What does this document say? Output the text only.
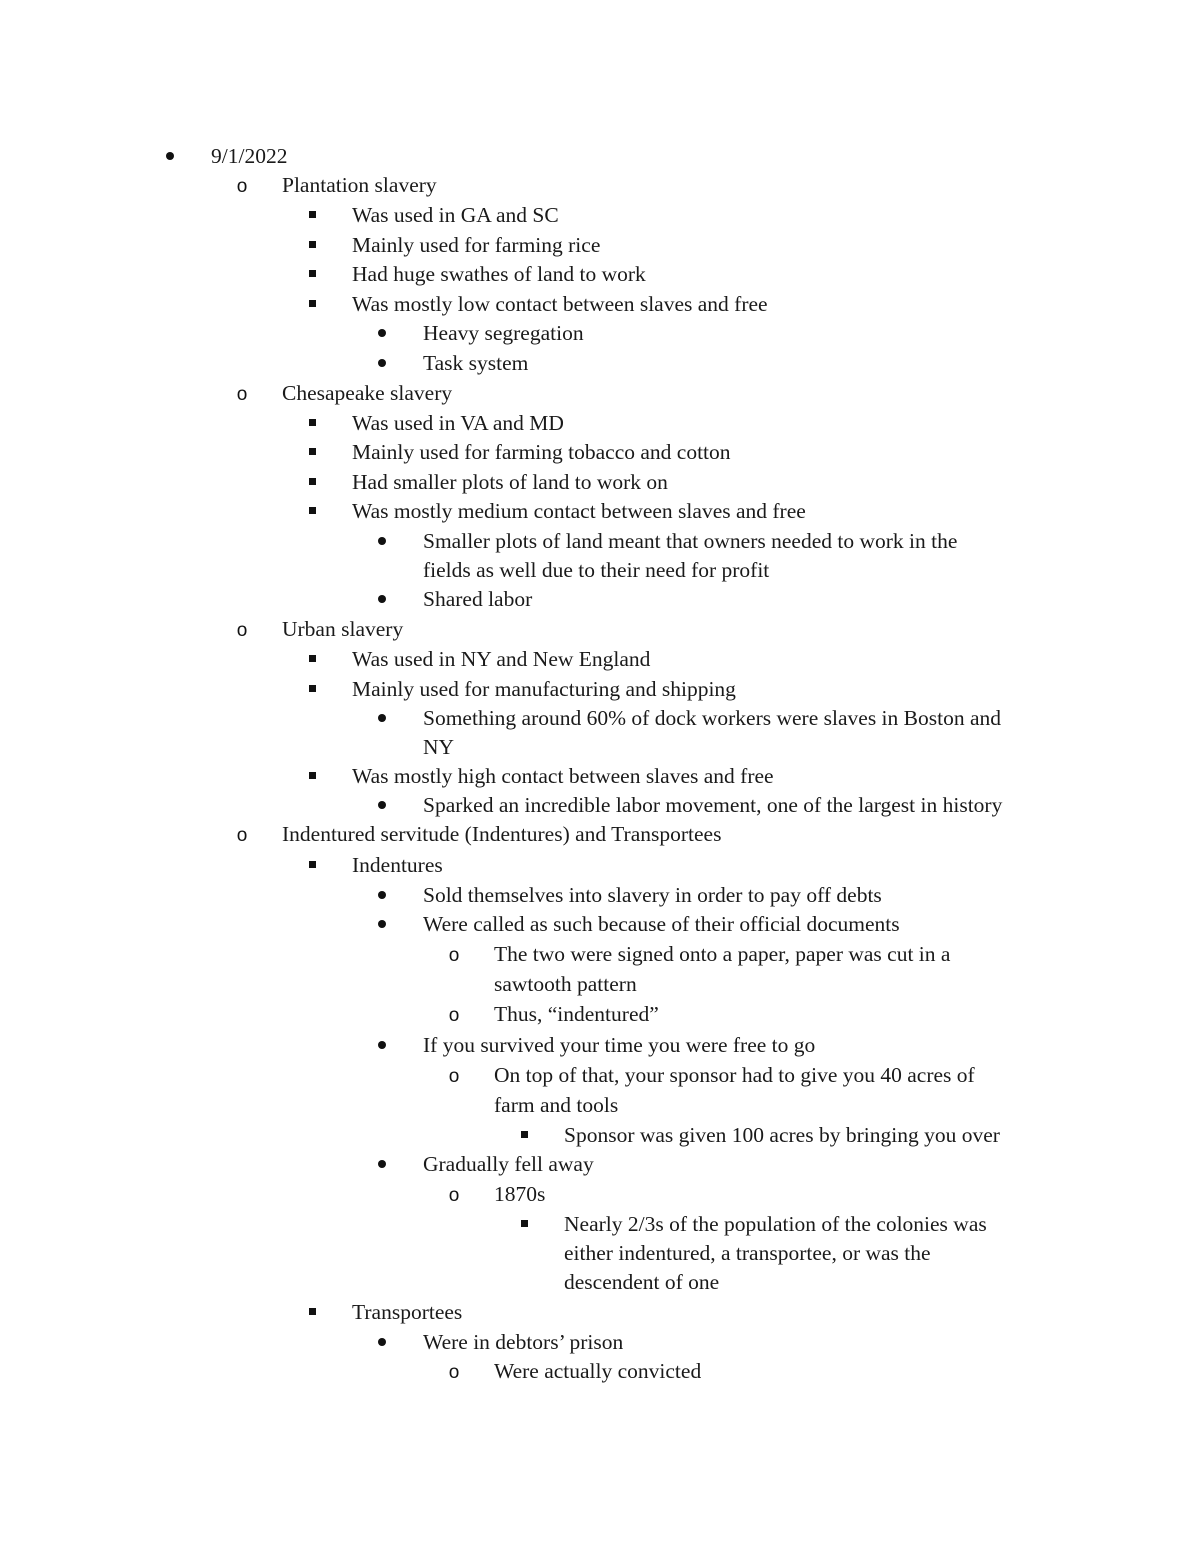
9/1/2022
o
Plantation slavery
Was used in GA and SC
Mainly used for farming rice
Had huge swathes of land to work
Was mostly low contact between slaves and free
Heavy segregation
Task system
o
Chesapeake slavery
Was used in VA and MD
Mainly used for farming tobacco and cotton
Had smaller plots of land to work on
Was mostly medium contact between slaves and free
Smaller plots of land meant that owners needed to work in the
fields as well due to their need for profit
Shared labor
o
Urban slavery
Was used in NY and New England
Mainly used for manufacturing and shipping
Something around 60% of dock workers were slaves in Boston and
NY
Was mostly high contact between slaves and free
Sparked an incredible labor movement, one of the largest in history
o
Indentured servitude (Indentures) and Transportees
Indentures
Sold themselves into slavery in order to pay off debts
Were called as such because of their official documents
o
The two were signed onto a paper, paper was cut in a
sawtooth pattern
o
Thus, “indentured”
If you survived your time you were free to go
o
On top of that, your sponsor had to give you 40 acres of
farm and tools
Sponsor was given 100 acres by bringing you over
Gradually fell away
o
1870s
Nearly 2/3s of the population of the colonies was
either indentured, a transportee, or was the
descendent of one
Transportees
Were in debtors’ prison
o
Were actually convicted
